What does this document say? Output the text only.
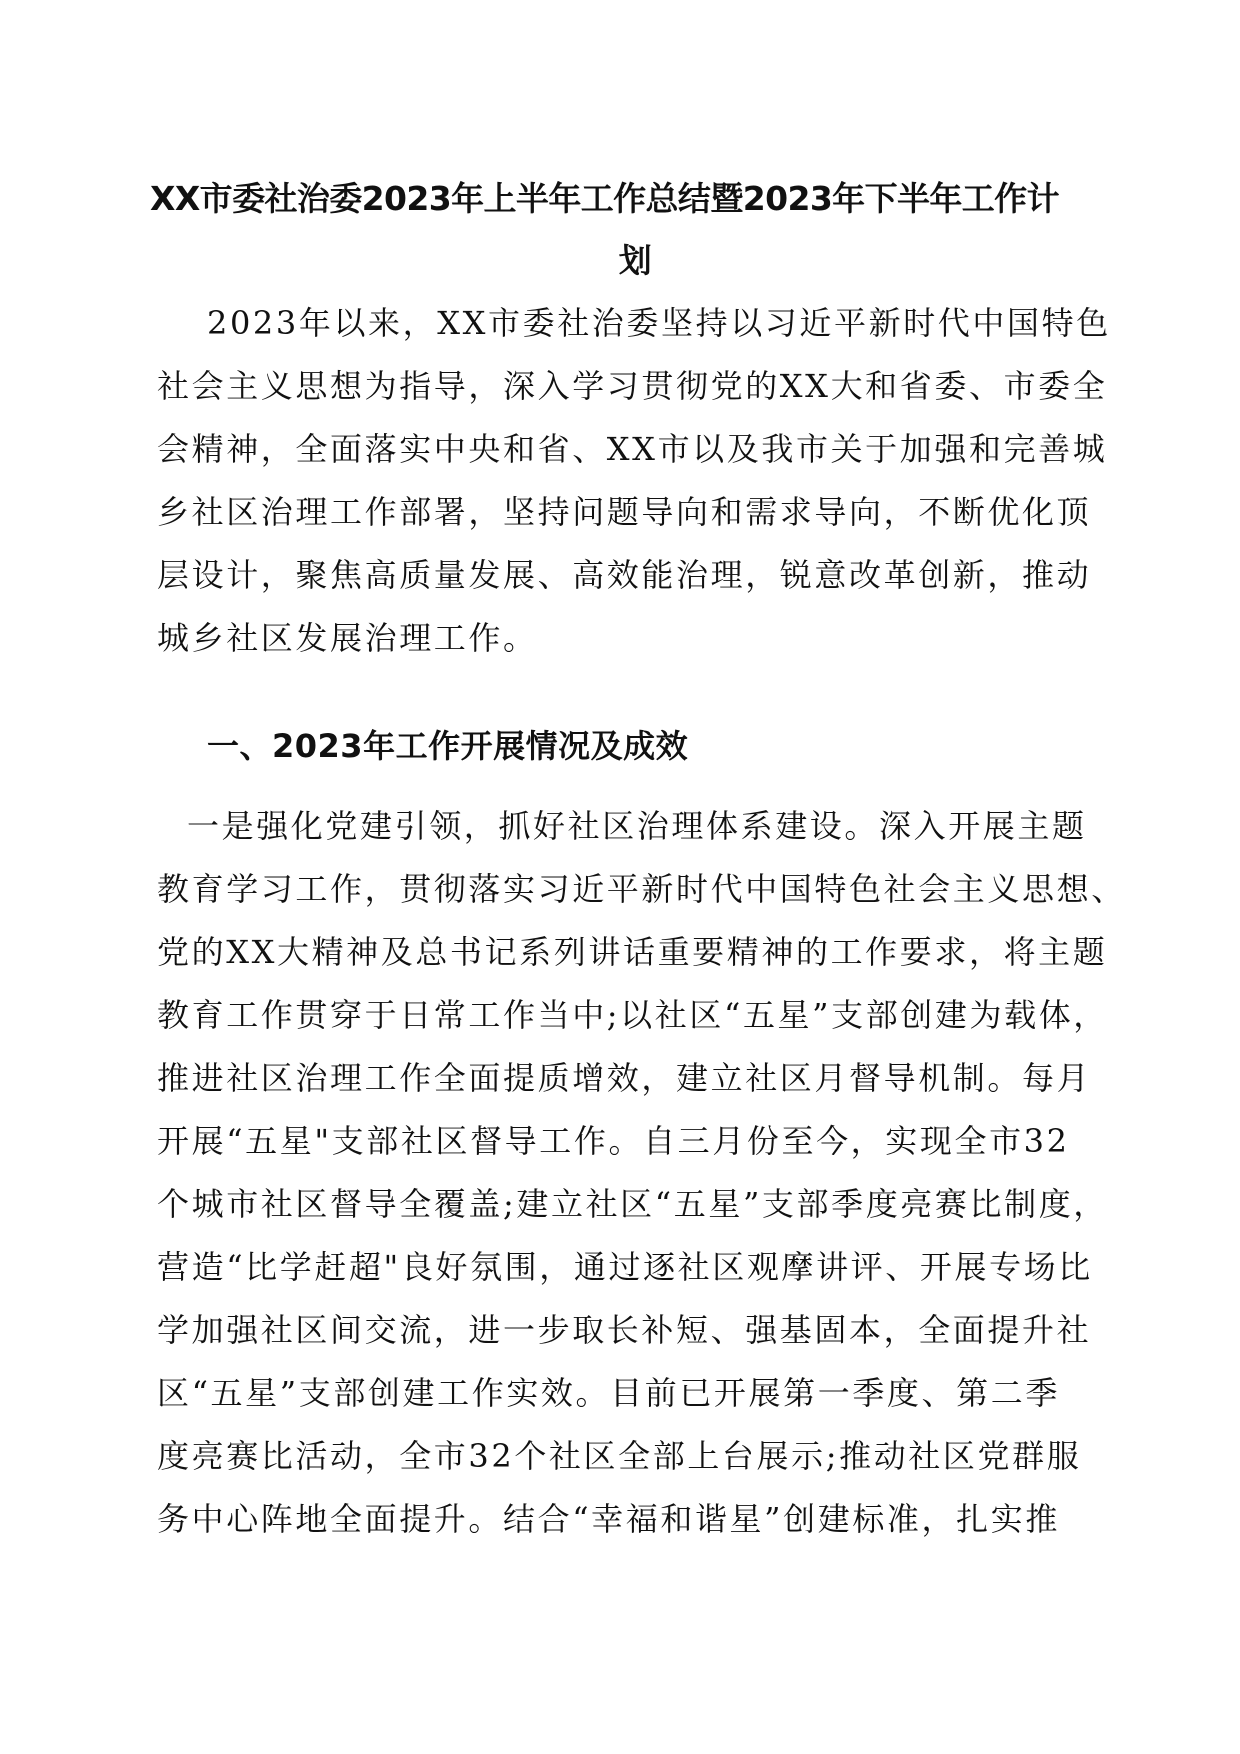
XX市委社治委2023年上半年工作总结暨2023年下半年工作计
划
2023年以来，XX市委社治委坚持以习近平新时代中国特色
社会主义思想为指导，深入学习贯彻党的XX大和省委、市委全
会精神，全面落实中央和省、XX市以及我市关于加强和完善城
乡社区治理工作部署，坚持问题导向和需求导向，不断优化顶
层设计，聚焦高质量发展、高效能治理，锐意改革创新，推动
城乡社区发展治理工作。
一、2023年工作开展情况及成效
一是强化党建引领，抓好社区治理体系建设。深入开展主题
教育学习工作，贯彻落实习近平新时代中国特色社会主义思想、
党的XX大精神及总书记系列讲话重要精神的工作要求，将主题
教育工作贯穿于日常工作当中;以社区“五星”支部创建为载体，
推进社区治理工作全面提质增效，建立社区月督导机制。每月
开展“五星"支部社区督导工作。自三月份至今，实现全市32
个城市社区督导全覆盖;建立社区“五星”支部季度亮赛比制度，
营造“比学赶超"良好氛围，通过逐社区观摩讲评、开展专场比
学加强社区间交流，进一步取长补短、强基固本，全面提升社
区“五星”支部创建工作实效。目前已开展第一季度、第二季
度亮赛比活动，全市32个社区全部上台展示;推动社区党群服
务中心阵地全面提升。结合“幸福和谐星”创建标准，扎实推
